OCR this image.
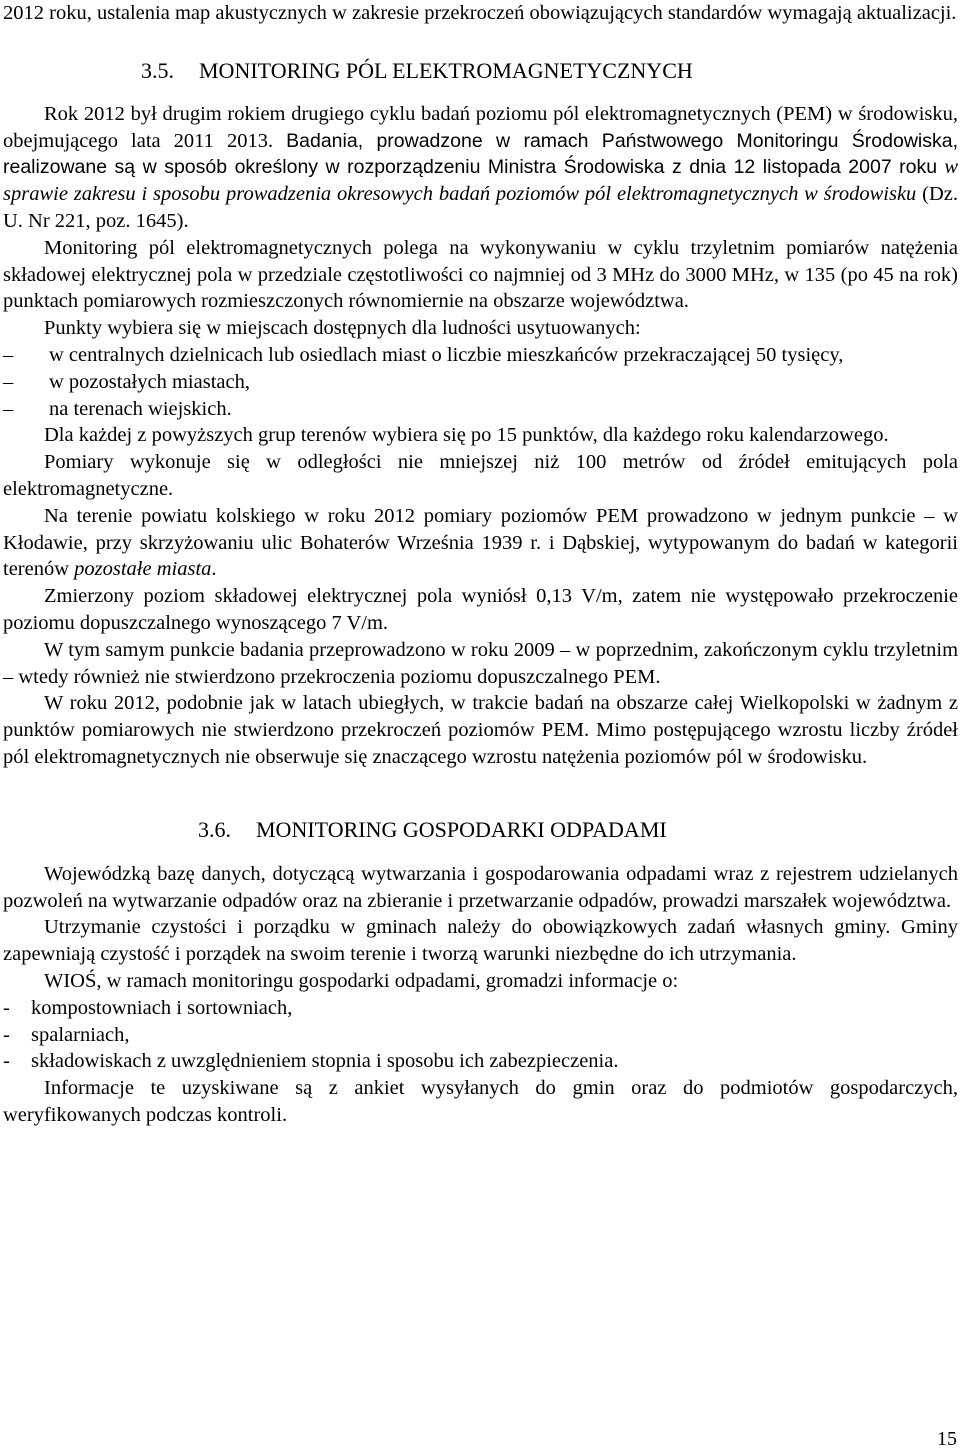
2012 roku, ustalenia map akustycznych w zakresie przekroczeń obowiązujących standardów wymagają aktualizacji.

3.5. MONITORING PÓL ELEKTROMAGNETYCZNYCH

Rok 2012 był drugim rokiem drugiego cyklu badań poziomu pól elektromagnetycznych (PEM) w środowisku, obejmującego lata 2011 2013. Badania, prowadzone w ramach Państwowego Monitoringu Środowiska, realizowane są w sposób określony w rozporządzeniu Ministra Środowiska z dnia 12 listopada 2007 roku w sprawie zakresu i sposobu prowadzenia okresowych badań poziomów pól elektromagnetycznych w środowisku (Dz. U. Nr 221, poz. 1645).

Monitoring pól elektromagnetycznych polega na wykonywaniu w cyklu trzyletnim pomiarów natężenia składowej elektrycznej pola w przedziale częstotliwości co najmniej od 3 MHz do 3000 MHz, w 135 (po 45 na rok) punktach pomiarowych rozmieszczonych równomiernie na obszarze województwa.

Punkty wybiera się w miejscach dostępnych dla ludności usytuowanych:

–	w centralnych dzielnicach lub osiedlach miast o liczbie mieszkańców przekraczającej 50 tysięcy,
–	w pozostałych miastach,
–	na terenach wiejskich.

Dla każdej z powyższych grup terenów wybiera się po 15 punktów, dla każdego roku kalendarzowego.

Pomiary wykonuje się w odległości nie mniejszej niż 100 metrów od źródeł emitujących pola elektromagnetyczne.

Na terenie powiatu kolskiego w roku 2012 pomiary poziomów PEM prowadzono w jednym punkcie – w Kłodawie, przy skrzyżowaniu ulic Bohaterów Września 1939 r. i Dąbskiej, wytypowanym do badań w kategorii terenów pozostałe miasta.

Zmierzony poziom składowej elektrycznej pola wyniósł 0,13 V/m, zatem nie występowało przekroczenie poziomu dopuszczalnego wynoszącego 7 V/m.

W tym samym punkcie badania przeprowadzono w roku 2009 – w poprzednim, zakończonym cyklu trzyletnim – wtedy również nie stwierdzono przekroczenia poziomu dopuszczalnego PEM.

W roku 2012, podobnie jak w latach ubiegłych, w trakcie badań na obszarze całej Wielkopolski w żadnym z punktów pomiarowych nie stwierdzono przekroczeń poziomów PEM. Mimo postępującego wzrostu liczby źródeł pól elektromagnetycznych nie obserwuje się znaczącego wzrostu natężenia poziomów pól w środowisku.

3.6. MONITORING GOSPODARKI ODPADAMI

Wojewódzką bazę danych, dotyczącą wytwarzania i gospodarowania odpadami wraz z rejestrem udzielanych pozwoleń na wytwarzanie odpadów oraz na zbieranie i przetwarzanie odpadów, prowadzi marszałek województwa.

Utrzymanie czystości i porządku w gminach należy do obowiązkowych zadań własnych gminy. Gminy zapewniają czystość i porządek na swoim terenie i tworzą warunki niezbędne do ich utrzymania.

WIOŚ, w ramach monitoringu gospodarki odpadami, gromadzi informacje o:

- kompostowniach i sortowniach,
- spalarniach,
- składowiskach z uwzględnieniem stopnia i sposobu ich zabezpieczenia.

Informacje te uzyskiwane są z ankiet wysyłanych do gmin oraz do podmiotów gospodarczych, weryfikowanych podczas kontroli.

15
